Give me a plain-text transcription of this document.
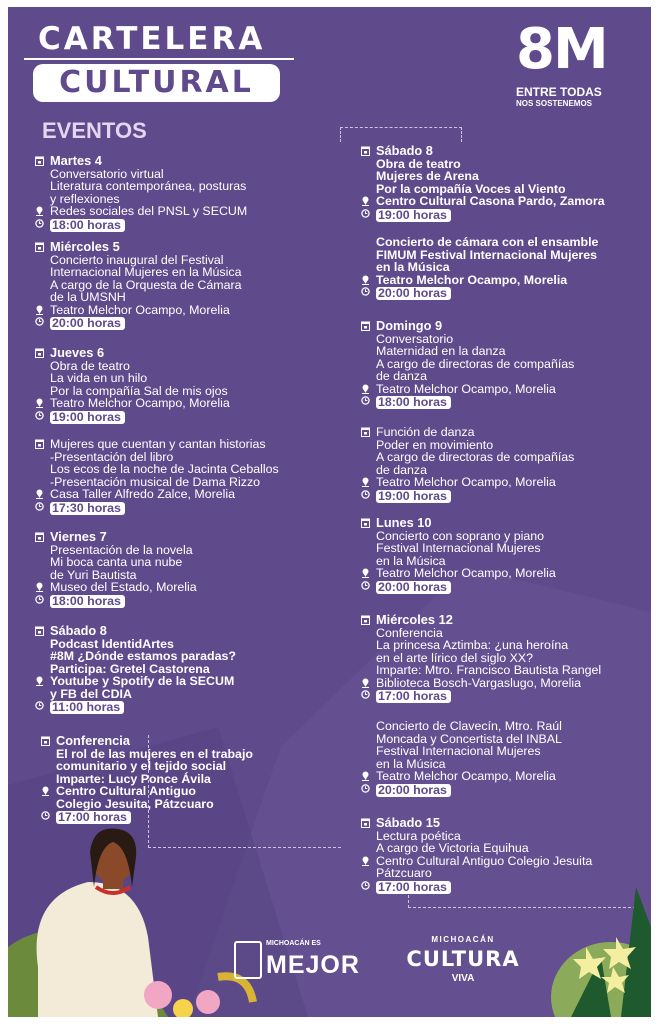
CARTELERA
CULTURAL
8M
ENTRE TODAS
NOS SOSTENEMOS
EVENTOS
Martes 4
Conversatorio virtual
Literatura contemporánea, posturas
y reflexiones
Redes sociales del PNSL y SECUM
18:00 horas
Miércoles 5
Concierto inaugural del Festival
Internacional Mujeres en la Música
A cargo de la Orquesta de Cámara
de la UMSNH
Teatro Melchor Ocampo, Morelia
20:00 horas
Jueves 6
Obra de teatro
La vida en un hilo
Por la compañía Sal de mis ojos
Teatro Melchor Ocampo, Morelia
19:00 horas
Mujeres que cuentan y cantan historias
-Presentación del libro
Los ecos de la noche de Jacinta Ceballos
-Presentación musical de Dama Rizzo
Casa Taller Alfredo Zalce, Morelia
17:30 horas
Viernes 7
Presentación de la novela
Mi boca canta una nube
de Yuri Bautista
Museo del Estado, Morelia
18:00 horas
Sábado 8
Podcast IdentidArtes
#8M ¿Dónde estamos paradas?
Participa: Gretel Castorena
Youtube y Spotify de la SECUM
y FB del CDIA
11:00 horas
Conferencia
El rol de las mujeres en el trabajo
comunitario y el tejido social
Imparte: Lucy Ponce Ávila
Centro Cultural Antiguo
Colegio Jesuita, Pátzcuaro
17:00 horas
Sábado 8
Obra de teatro
Mujeres de Arena
Por la compañía Voces al Viento
Centro Cultural Casona Pardo, Zamora
19:00 horas
Concierto de cámara con el ensamble
FIMUM Festival Internacional Mujeres
en la Música
Teatro Melchor Ocampo, Morelia
20:00 horas
Domingo 9
Conversatorio
Maternidad en la danza
A cargo de directoras de compañías
de danza
Teatro Melchor Ocampo, Morelia
18:00 horas
Función de danza
Poder en movimiento
A cargo de directoras de compañías
de danza
Teatro Melchor Ocampo, Morelia
19:00 horas
Lunes 10
Concierto con soprano y piano
Festival Internacional Mujeres
en la Música
Teatro Melchor Ocampo, Morelia
20:00 horas
Miércoles 12
Conferencia
La princesa Aztimba: ¿una heroína
en el arte lírico del siglo XX?
Imparte: Mtro. Francisco Bautista Rangel
Biblioteca Bosch-Vargaslugo, Morelia
17:00 horas
Concierto de Clavecín, Mtro. Raúl
Moncada y Concertista del INBAL
Festival Internacional Mujeres
en la Música
Teatro Melchor Ocampo, Morelia
20:00 horas
Sábado 15
Lectura poética
A cargo de Victoria Equihua
Centro Cultural Antiguo Colegio Jesuita
Pátzcuaro
17:00 horas
MICHOACÁN ES
MEJOR
MICHOACÁN
CULTURA
VIVA
